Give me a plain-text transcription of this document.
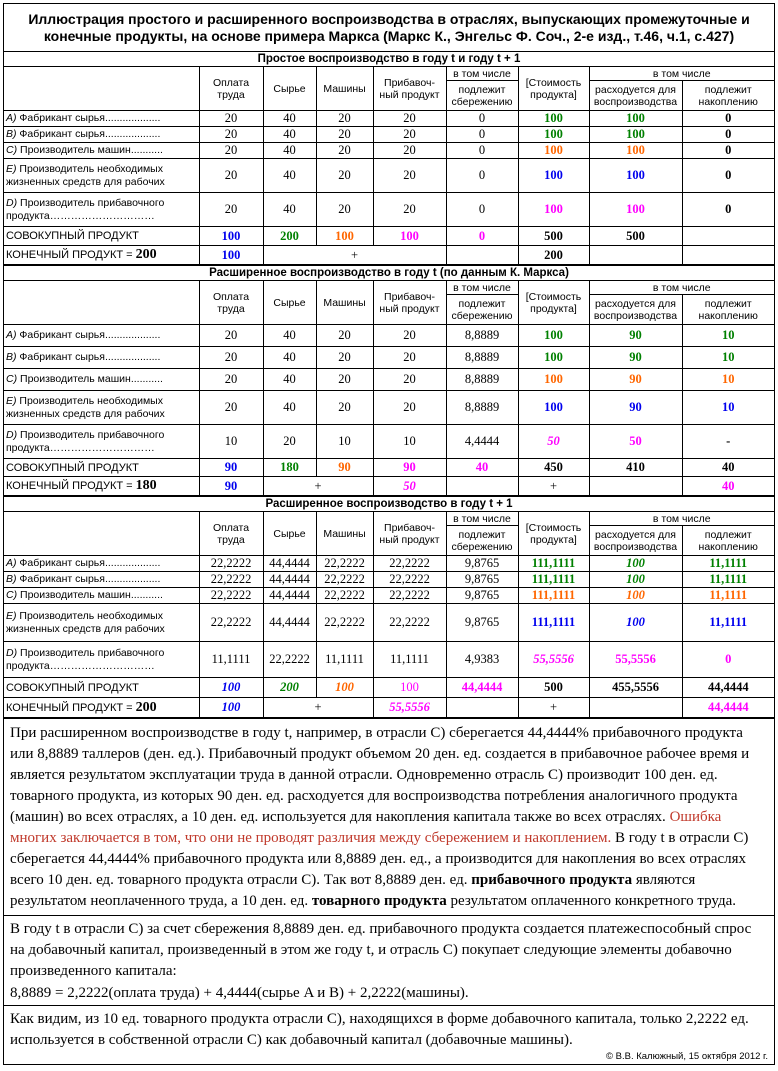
Иллюстрация простого и расширенного воспроизводства в отраслях, выпускающих промежуточные и конечные продукты, на основе примера Маркса (Маркс К., Энгельс Ф. Соч., 2-е изд., т.46, ч.1, с.427)
Простое воспроизводство в году t и году t + 1
	Оплата труда	Сырье	Машины	Прибавоч-ный продукт	в том числе	[Стоимость продукта]	в том числе	
					подлежит сбережению		расходуется для воспроизводства	подлежит накоплению
A) Фабрикант сырья...................	20	40	20	20	0	100	100	0
B) Фабрикант сырья...................	20	40	20	20	0	100	100	0
C) Производитель машин...........	20	40	20	20	0	100	100	0
E) Производитель необходимых жизненных средств для рабочих	20	40	20	20	0	100	100	0
D) Производитель прибавочного продукта…………………………	20	40	20	20	0	100	100	0
СОВОКУПНЫЙ ПРОДУКТ	100	200	100	100	0	500	500	
КОНЕЧНЫЙ ПРОДУКТ = 200	100	+				200		
Расширенное воспроизводство в году t (по данным К. Маркса)
	Оплата труда	Сырье	Машины	Прибавоч-ный продукт	в том числе	[Стоимость продукта]	в том числе	
					подлежит сбережению		расходуется для воспроизводства	подлежит накоплению
A) Фабрикант сырья...................	20	40	20	20	8,8889	100	90	10
B) Фабрикант сырья...................	20	40	20	20	8,8889	100	90	10
C) Производитель машин...........	20	40	20	20	8,8889	100	90	10
E) Производитель необходимых жизненных средств для рабочих	20	40	20	20	8,8889	100	90	10
D) Производитель прибавочного продукта…………………………	10	20	10	10	4,4444	50	50	-
СОВОКУПНЫЙ ПРОДУКТ	90	180	90	90	40	450	410	40
КОНЕЧНЫЙ ПРОДУКТ = 180	90	+		50		+		40
Расширенное воспроизводство в году t + 1
	Оплата труда	Сырье	Машины	Прибавоч-ный продукт	в том числе	[Стоимость продукта]	в том числе	
					подлежит сбережению		расходуется для воспроизводства	подлежит накоплению
A) Фабрикант сырья...................	22,2222	44,4444	22,2222	22,2222	9,8765	111,1111	100	11,1111
B) Фабрикант сырья...................	22,2222	44,4444	22,2222	22,2222	9,8765	111,1111	100	11,1111
C) Производитель машин...........	22,2222	44,4444	22,2222	22,2222	9,8765	111,1111	100	11,1111
E) Производитель необходимых жизненных средств для рабочих	22,2222	44,4444	22,2222	22,2222	9,8765	111,1111	100	11,1111
D) Производитель прибавочного продукта…………………………	11,1111	22,2222	11,1111	11,1111	4,9383	55,5556	55,5556	0
СОВОКУПНЫЙ ПРОДУКТ	100	200	100	100	44,4444	500	455,5556	44,4444
КОНЕЧНЫЙ ПРОДУКТ = 200	100	+		55,5556		+		44,4444

При расширенном воспроизводстве в году t, например, в отрасли C) сберегается 44,4444% прибавочного продукта или 8,8889 таллеров (ден. ед.). Прибавочный продукт объемом 20 ден. ед. создается в прибавочное рабочее время и является результатом эксплуатации труда в данной отрасли. Одновременно отрасль C) производит 100 ден. ед. товарного продукта, из которых 90 ден. ед. расходуется для воспроизводства потребления аналогичного продукта (машин) во всех отраслях, а 10 ден. ед. используется для накопления капитала также во всех отраслях. Ошибка многих заключается в том, что они не проводят различия между сбережением и накоплением. В году t в отрасли C) сберегается 44,4444% прибавочного продукта или 8,8889 ден. ед., а производится для накопления во всех отраслях всего 10 ден. ед. товарного продукта отрасли C). Так вот 8,8889 ден. ед. прибавочного продукта являются результатом неоплаченного труда, а 10 ден. ед. товарного продукта результатом оплаченного конкретного труда.

В году t в отрасли C) за счет сбережения 8,8889 ден. ед. прибавочного продукта создается платежеспособный спрос на добавочный капитал, произведенный в этом же году t, и отрасль C) покупает следующие элементы добавочно произведенного капитала:

8,8889 = 2,2222(оплата труда) + 4,4444(сырье A и B) + 2,2222(машины).

Как видим, из 10 ед. товарного продукта отрасли C), находящихся в форме добавочного капитала, только 2,2222 ед. используется в собственной отрасли C) как добавочный капитал (добавочные машины).

© В.В. Калюжный, 15 октября 2012 г.
